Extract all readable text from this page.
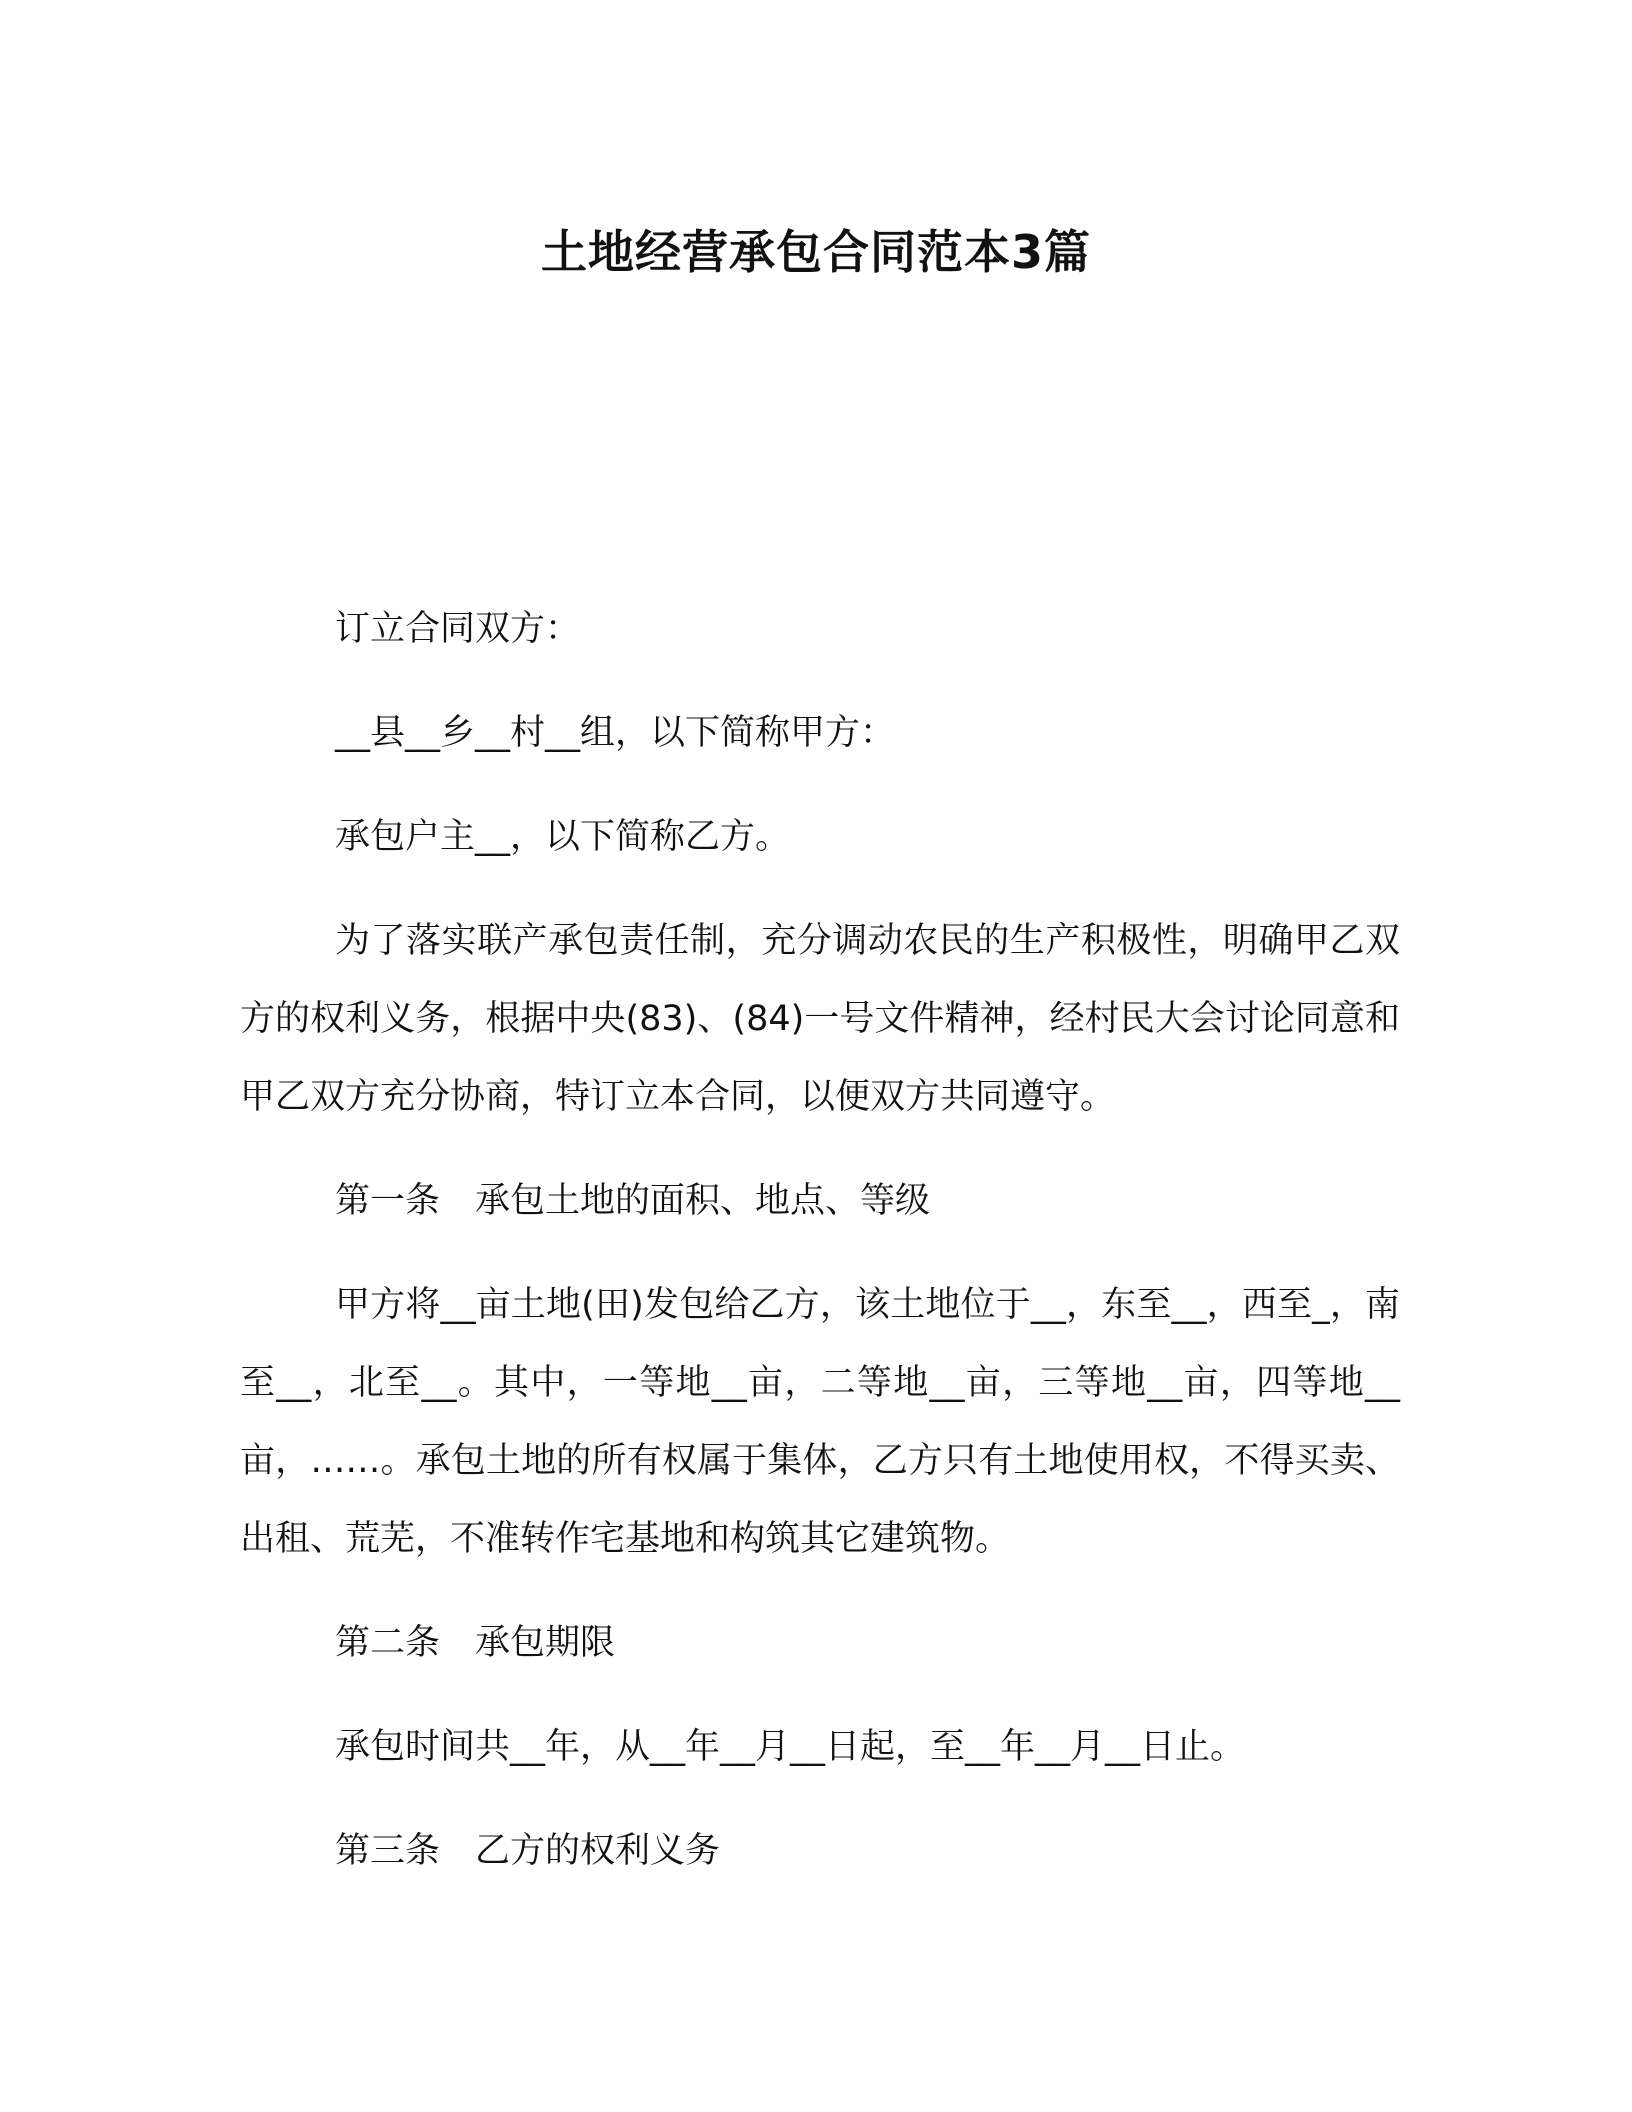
土地经营承包合同范本3篇

订立合同双方：

__县__乡__村__组，以下简称甲方：

承包户主__，以下简称乙方。

为了落实联产承包责任制，充分调动农民的生产积极性，明确甲乙双方的权利义务，根据中央(83)、(84)一号文件精神，经村民大会讨论同意和甲乙双方充分协商，特订立本合同，以便双方共同遵守。

第一条　承包土地的面积、地点、等级

甲方将__亩土地(田)发包给乙方，该土地位于__，东至__，西至_，南至__，北至__。其中，一等地__亩，二等地__亩，三等地__亩，四等地__亩，……。承包土地的所有权属于集体，乙方只有土地使用权，不得买卖、出租、荒芜，不准转作宅基地和构筑其它建筑物。

第二条　承包期限

承包时间共__年，从__年__月__日起，至__年__月__日止。

第三条　乙方的权利义务
